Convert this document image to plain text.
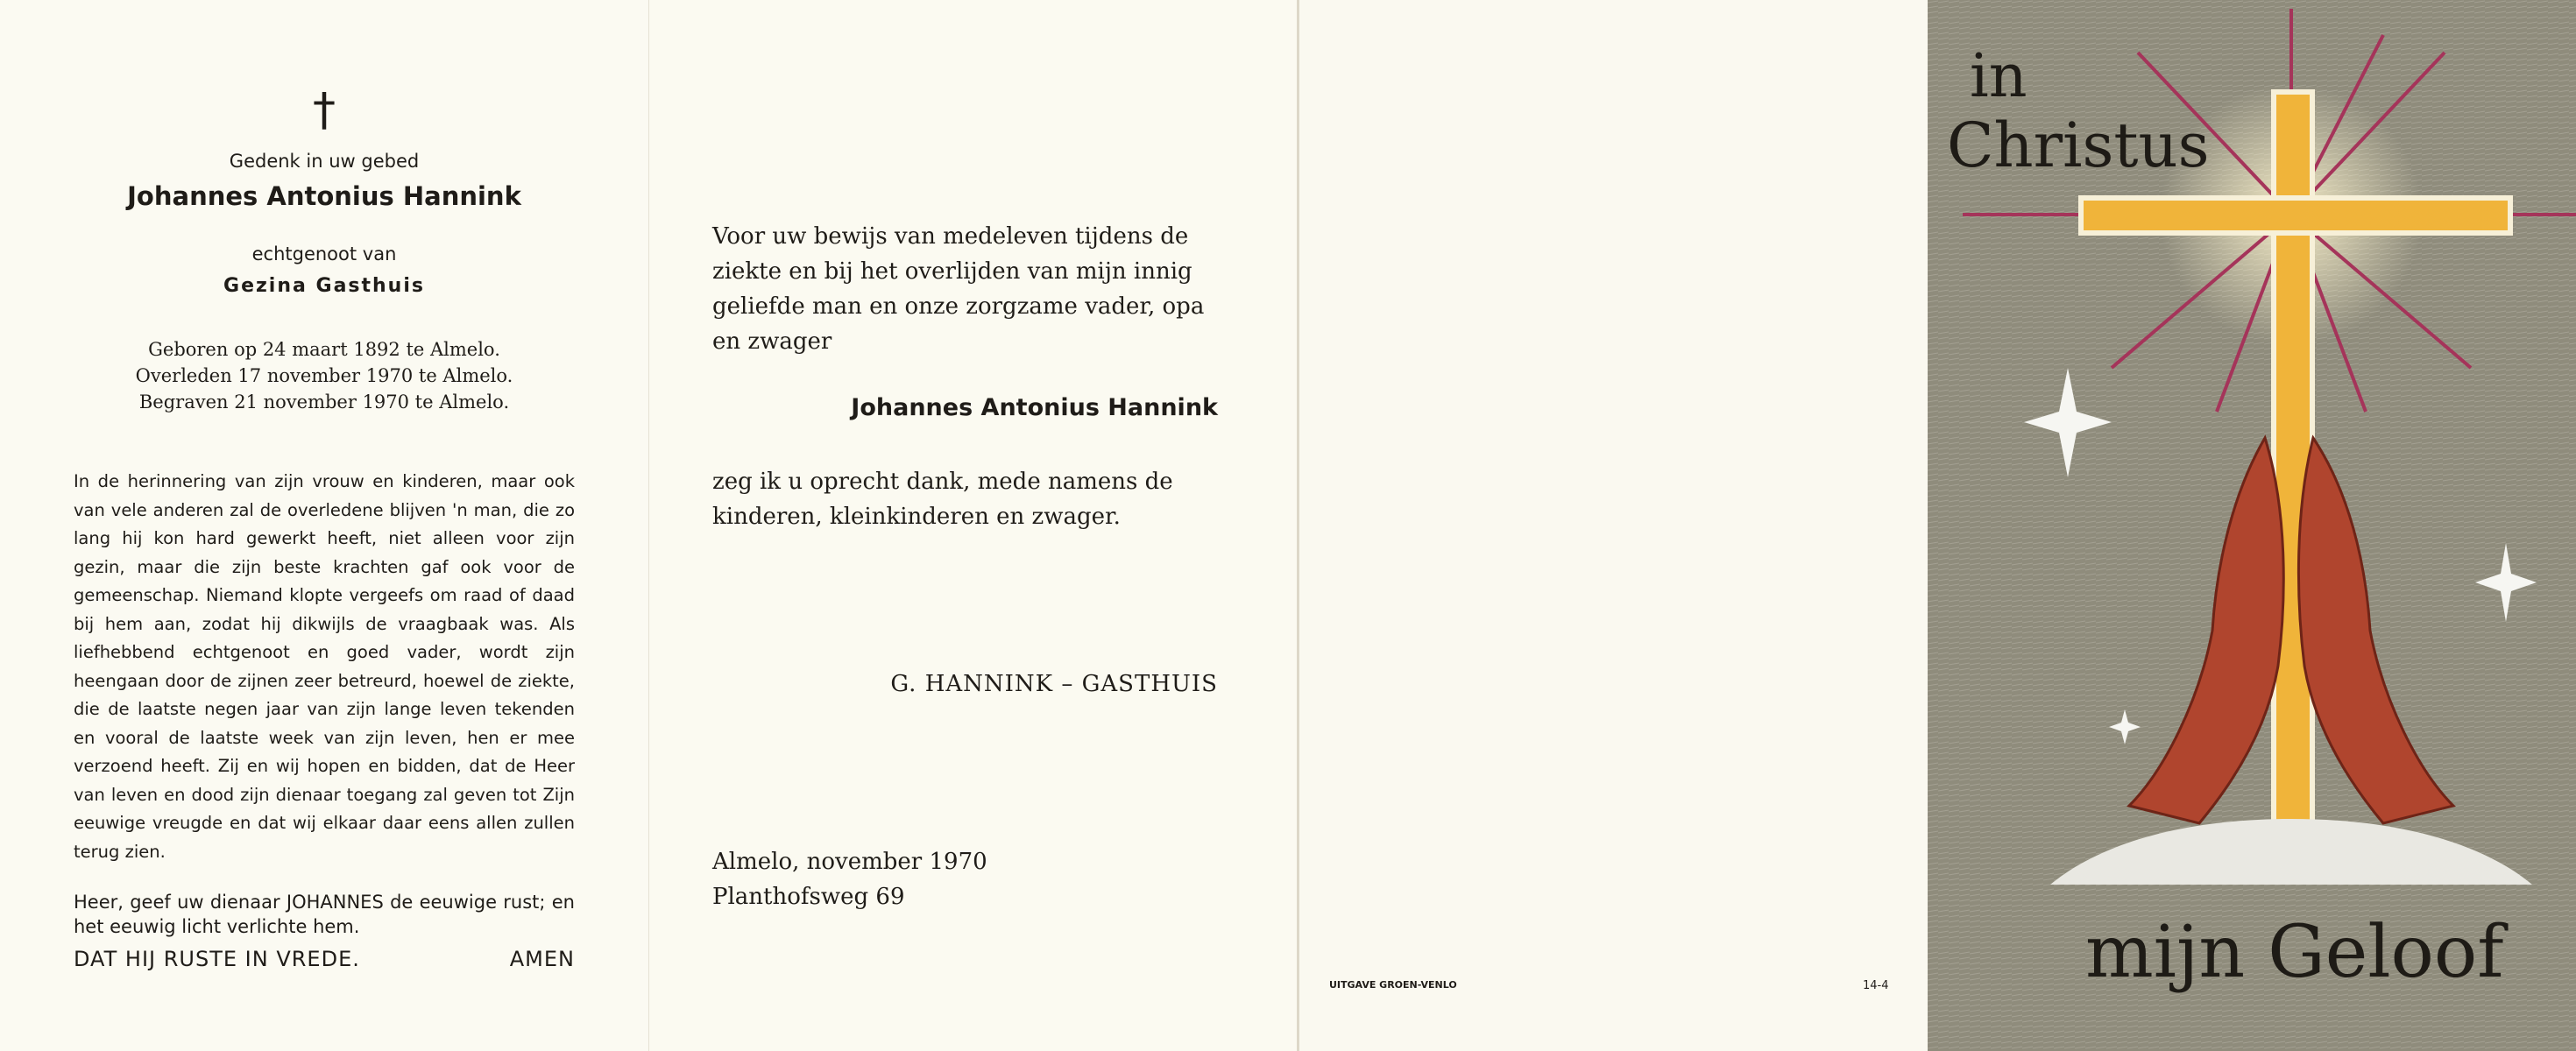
†
Gedenk in uw gebed
Johannes Antonius Hannink
echtgenoot van
Gezina Gasthuis
Geboren op 24 maart 1892 te Almelo.
Overleden 17 november 1970 te Almelo.
Begraven 21 november 1970 te Almelo.
In de herinnering van zijn vrouw en kinderen, maar ook van vele anderen zal de overledene blijven 'n man, die zo lang hij kon hard gewerkt heeft, niet alleen voor zijn gezin, maar die zijn beste krachten gaf ook voor de gemeenschap. Niemand klopte vergeefs om raad of daad bij hem aan, zodat hij dikwijls de vraagbaak was. Als liefhebbend echtgenoot en goed vader, wordt zijn heengaan door de zijnen zeer betreurd, hoewel de ziekte, die de laatste negen jaar van zijn lange leven tekenden en vooral de laatste week van zijn leven, hen er mee verzoend heeft. Zij en wij hopen en bidden, dat de Heer van leven en dood zijn dienaar toegang zal geven tot Zijn eeuwige vreugde en dat wij elkaar daar eens allen zullen terug zien.
Heer, geef uw dienaar JOHANNES de eeuwige rust; en het eeuwig licht verlichte hem.
DAT HIJ RUSTE IN VREDE.	AMEN
Voor uw bewijs van medeleven tijdens de ziekte en bij het overlijden van mijn innig geliefde man en onze zorgzame vader, opa en zwager
Johannes Antonius Hannink
zeg ik u oprecht dank, mede namens de kinderen, kleinkinderen en zwager.
G. HANNINK – GASTHUIS
Almelo, november 1970
Planthofsweg 69
UITGAVE GROEN-VENLO	14-4
in
Christus
mijn Geloof
